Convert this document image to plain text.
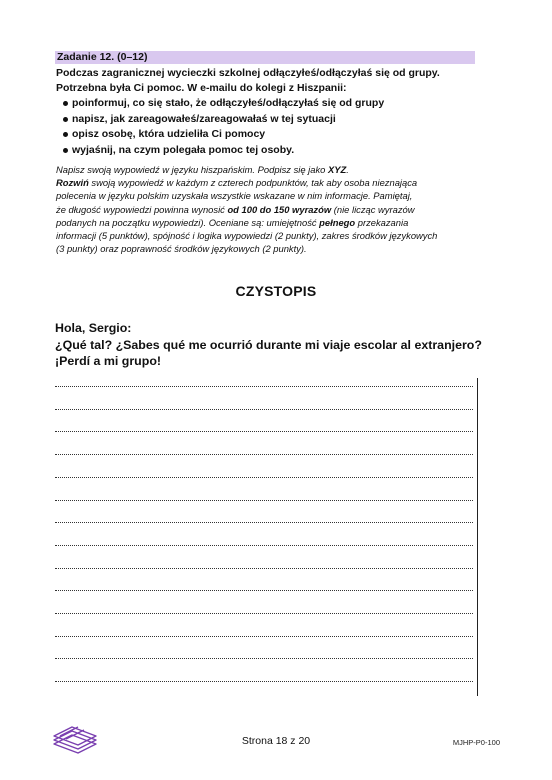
Zadanie 12. (0–12)

Podczas zagranicznej wycieczki szkolnej odłączyłeś/odłączyłaś się od grupy.

Potrzebna była Ci pomoc. W e-mailu do kolegi z Hiszpanii:

poinformuj, co się stało, że odłączyłeś/odłączyłaś się od grupy
napisz, jak zareagowałeś/zareagowałaś w tej sytuacji
opisz osobę, która udzieliła Ci pomocy
wyjaśnij, na czym polegała pomoc tej osoby.

Napisz swoją wypowiedź w języku hiszpańskim. Podpisz się jako XYZ.

Rozwiń swoją wypowiedź w każdym z czterech podpunktów, tak aby osoba nieznająca

polecenia w języku polskim uzyskała wszystkie wskazane w nim informacje. Pamiętaj,

że długość wypowiedzi powinna wynosić od 100 do 150 wyrazów (nie licząc wyrazów

podanych na początku wypowiedzi). Oceniane są: umiejętność pełnego przekazania

informacji (5 punktów), spójność i logika wypowiedzi (2 punkty), zakres środków językowych

(3 punkty) oraz poprawność środków językowych (2 punkty).

CZYSTOPIS

Hola, Sergio:

¿Qué tal? ¿Sabes qué me ocurrió durante mi viaje escolar al extranjero?

¡Perdí a mi grupo!

Strona 18 z 20	MJHP-P0-100
